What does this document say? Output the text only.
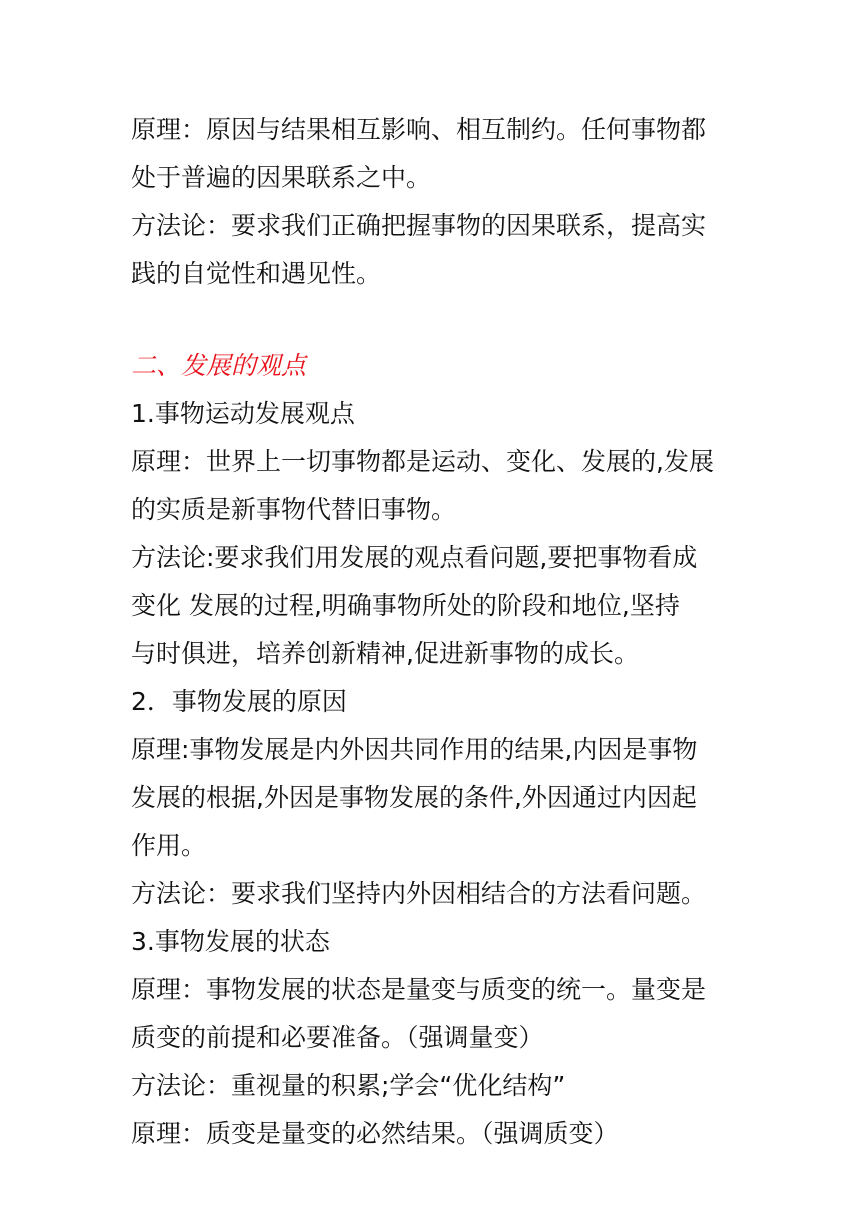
原理：原因与结果相互影响、相互制约。任何事物都
处于普遍的因果联系之中。
方法论：要求我们正确把握事物的因果联系，提高实
践的自觉性和遇见性。
二、发展的观点
1.事物运动发展观点
原理：世界上一切事物都是运动、变化、发展的,发展
的实质是新事物代替旧事物。
方法论:要求我们用发展的观点看问题,要把事物看成
变化 发展的过程,明确事物所处的阶段和地位,坚持
与时俱进，培养创新精神,促进新事物的成长。
2．事物发展的原因
原理:事物发展是内外因共同作用的结果,内因是事物
发展的根据,外因是事物发展的条件,外因通过内因起
作用。
方法论：要求我们坚持内外因相结合的方法看问题。
3.事物发展的状态
原理：事物发展的状态是量变与质变的统一。量变是
质变的前提和必要准备。（强调量变）
方法论：重视量的积累;学会“优化结构”
原理：质变是量变的必然结果。（强调质变）
